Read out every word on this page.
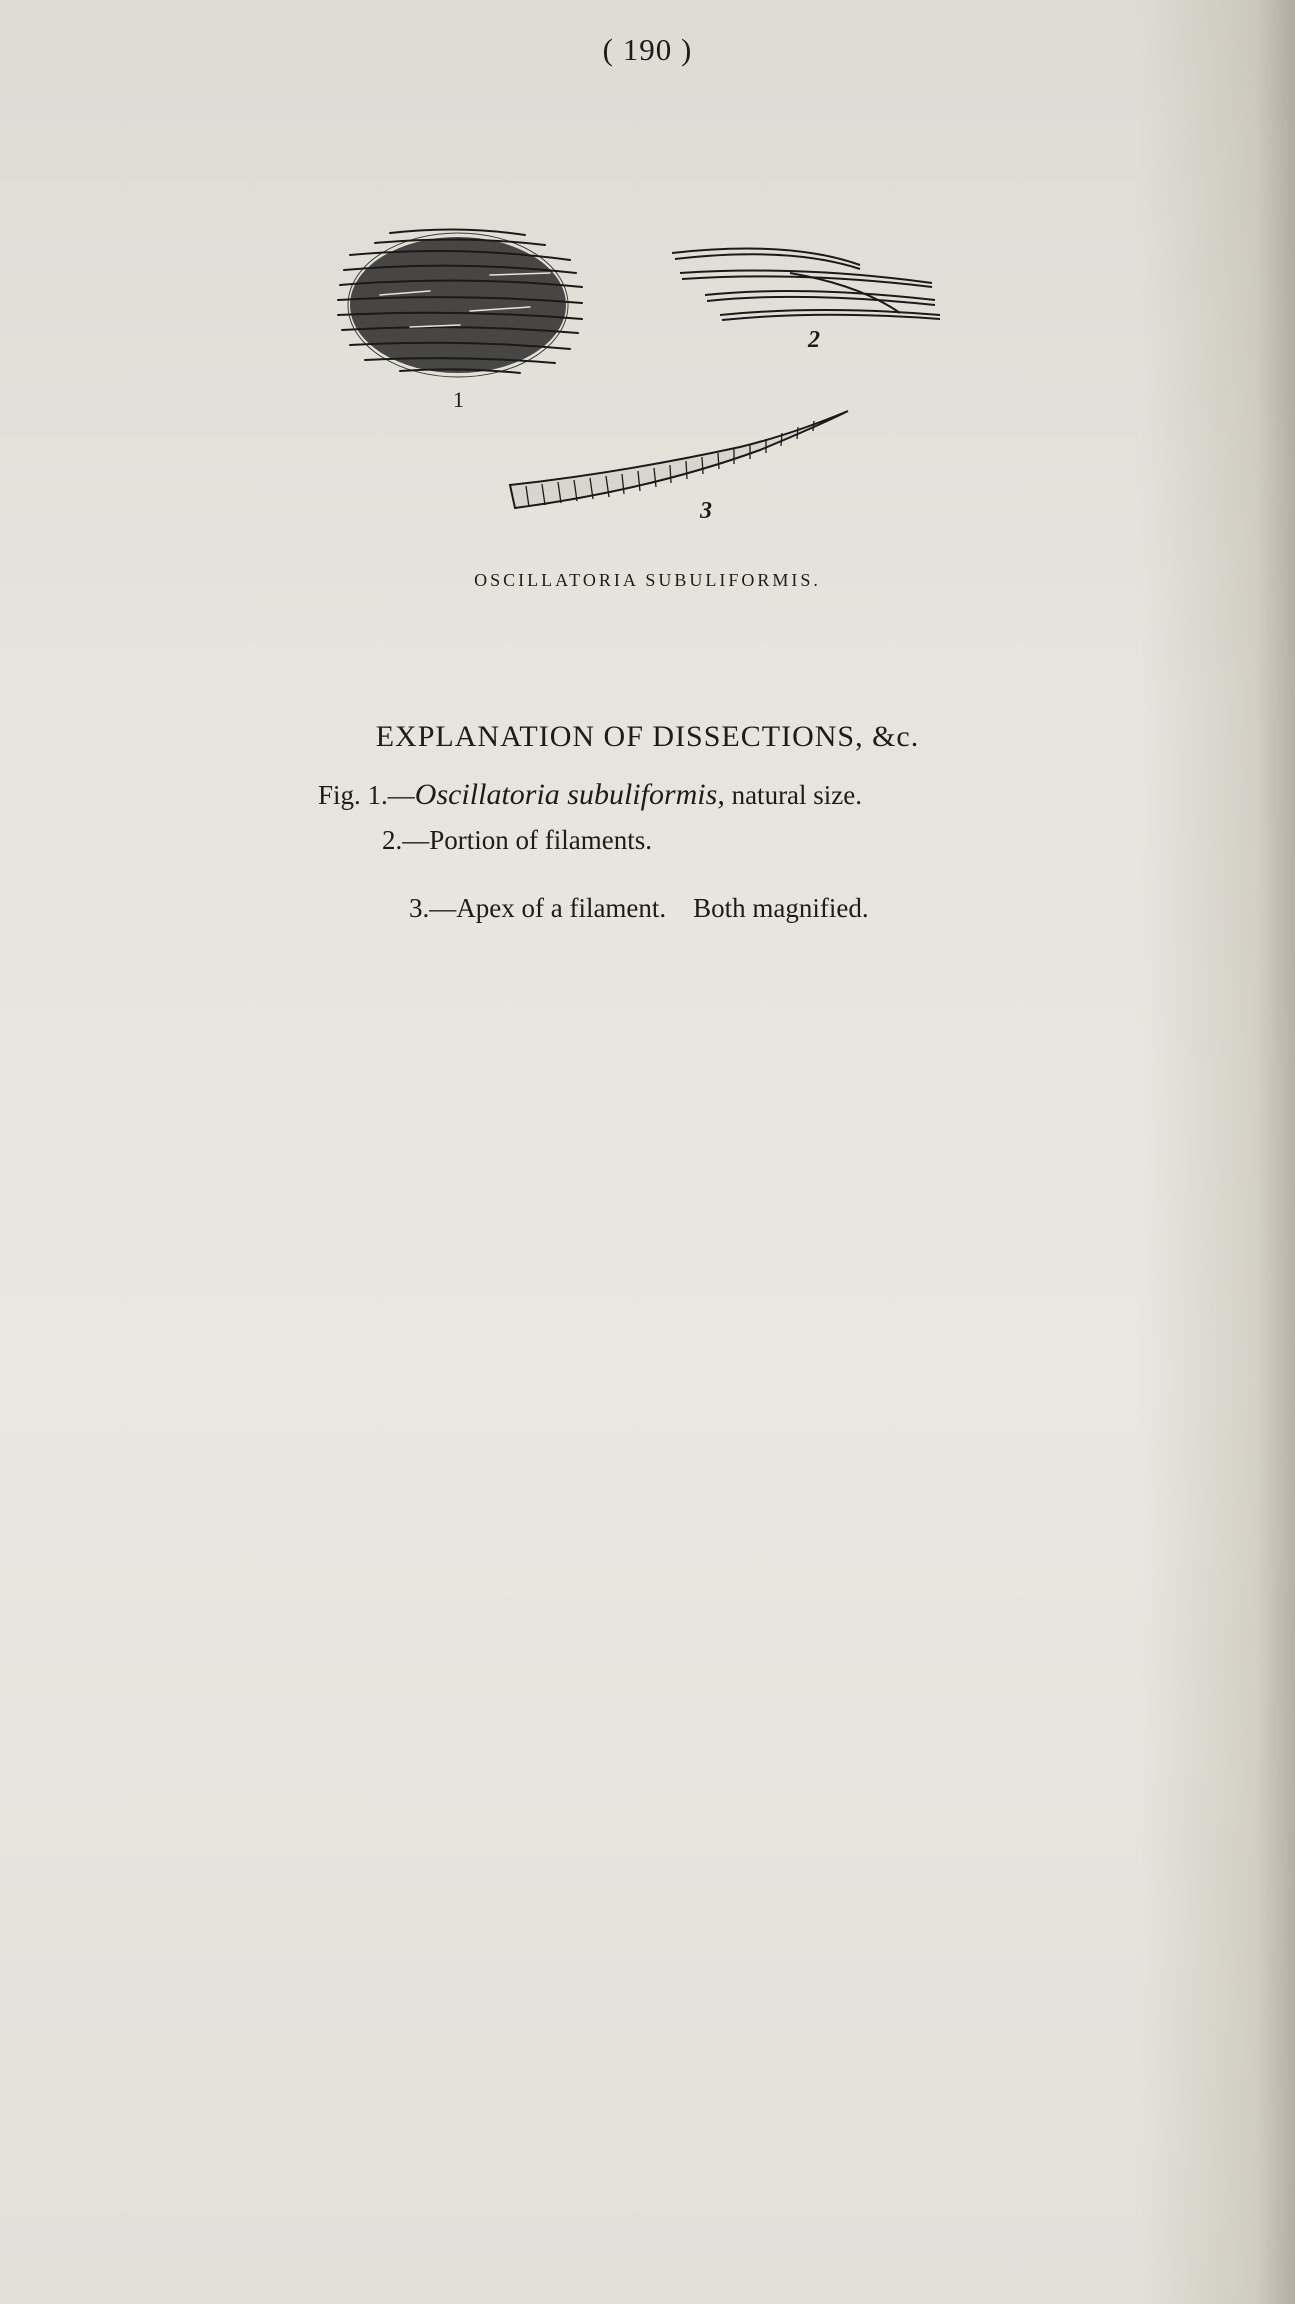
( 190 )
1
2
3
OSCILLATORIA SUBULIFORMIS.
EXPLANATION OF DISSECTIONS, &c.
Fig. 1.—Oscillatoria subuliformis, natural size.
2.—Portion of filaments.

3.—Apex of a filament.    Both magnified.
